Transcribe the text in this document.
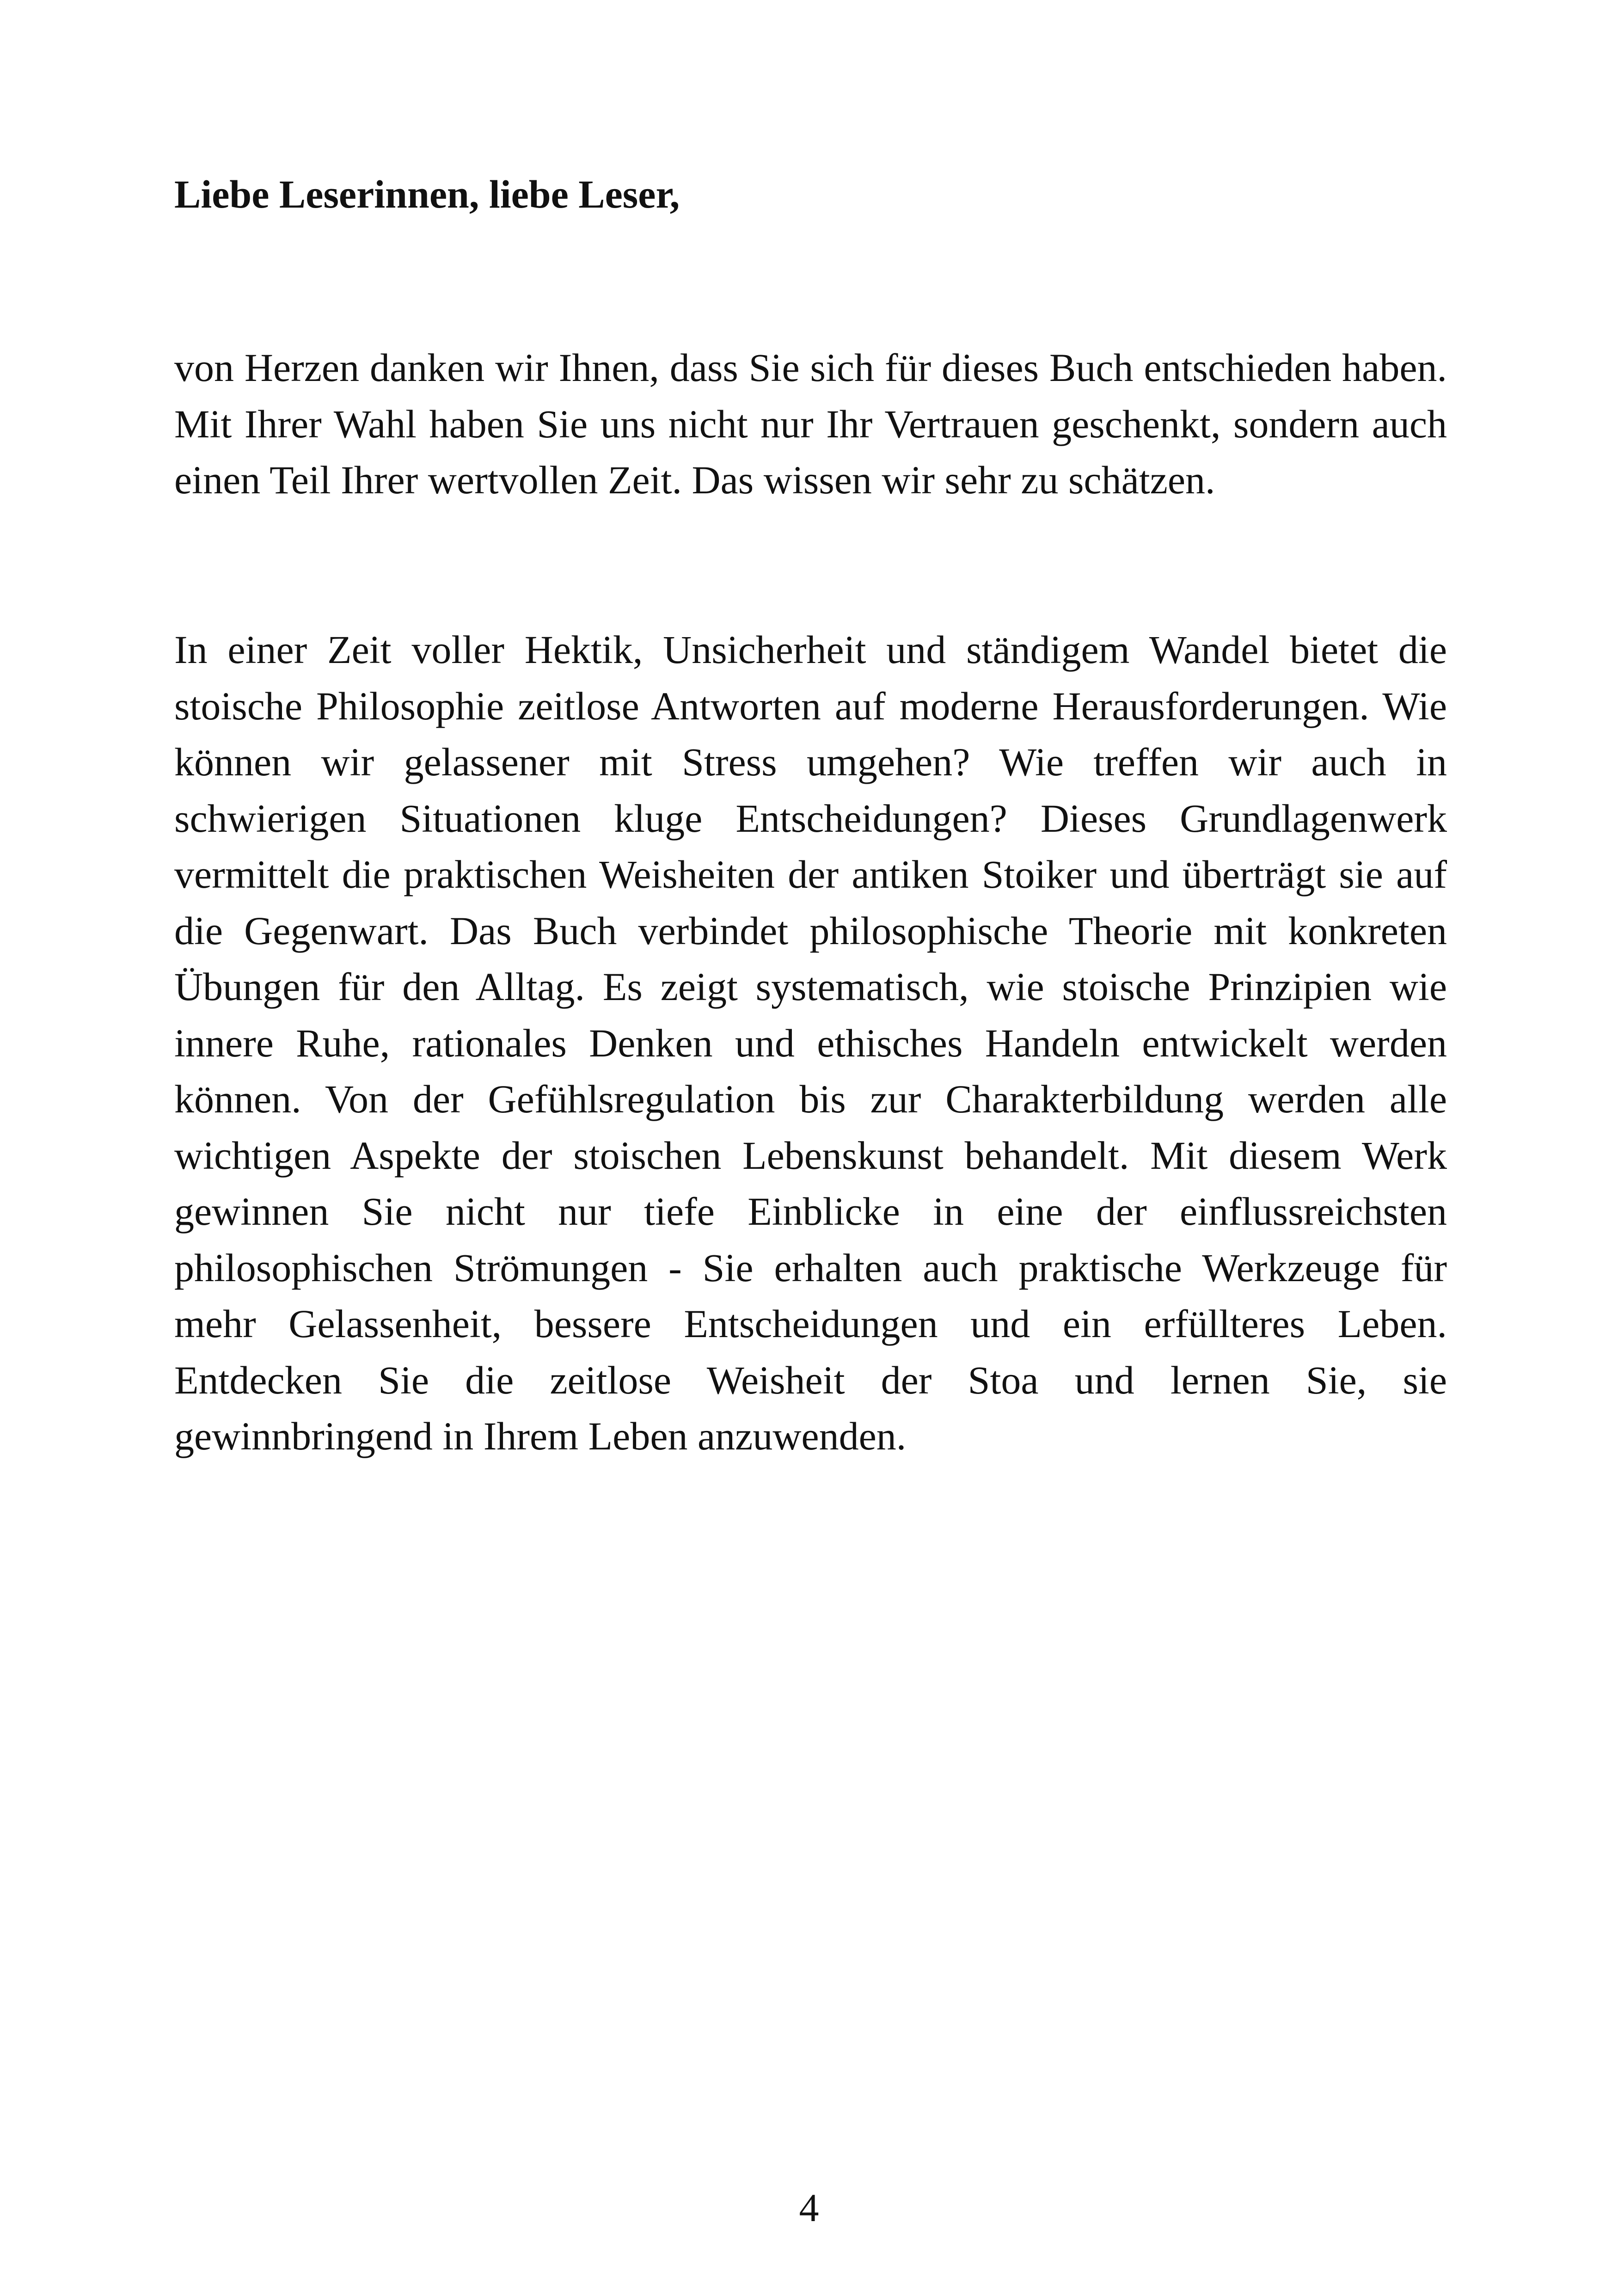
Liebe Leserinnen, liebe Leser,

von Herzen danken wir Ihnen, dass Sie sich für dieses Buch entschieden haben. Mit Ihrer Wahl haben Sie uns nicht nur Ihr Vertrauen geschenkt, sondern auch einen Teil Ihrer wertvollen Zeit. Das wissen wir sehr zu schätzen.

In einer Zeit voller Hektik, Unsicherheit und ständigem Wandel bietet die stoische Philosophie zeitlose Antworten auf moderne Herausforderungen. Wie können wir gelassener mit Stress umgehen? Wie treffen wir auch in schwierigen Situationen kluge Entscheidungen? Dieses Grundlagenwerk vermittelt die praktischen Weisheiten der antiken Stoiker und überträgt sie auf die Gegenwart. Das Buch verbindet philosophische Theorie mit konkreten Übungen für den Alltag. Es zeigt systematisch, wie stoische Prinzipien wie innere Ruhe, rationales Denken und ethisches Handeln entwickelt werden können. Von der Gefühlsregulation bis zur Charakterbildung werden alle wichtigen Aspekte der stoischen Lebenskunst behandelt. Mit diesem Werk gewinnen Sie nicht nur tiefe Einblicke in eine der einflussreichsten philosophischen Strömungen - Sie erhalten auch praktische Werkzeuge für mehr Gelassenheit, bessere Entscheidungen und ein erfüllteres Leben. Entdecken Sie die zeitlose Weisheit der Stoa und lernen Sie, sie gewinnbringend in Ihrem Leben anzuwenden.

4
